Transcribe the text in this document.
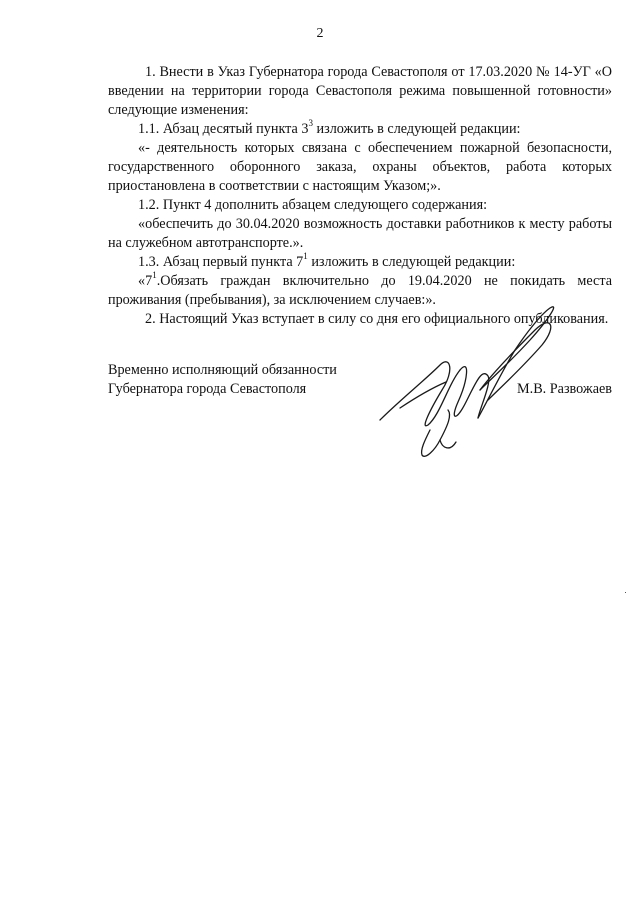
2

1. Внести в Указ Губернатора города Севастополя от 17.03.2020 № 14-УГ «О введении на территории города Севастополя режима повышенной готовности» следующие изменения:

1.1. Абзац десятый пункта $3^3$ изложить в следующей редакции:

«- деятельность которых связана с обеспечением пожарной безопасности, государственного оборонного заказа, охраны объектов, работа которых приостановлена в соответствии с настоящим Указом;».

1.2. Пункт 4 дополнить абзацем следующего содержания:

«обеспечить до 30.04.2020 возможность доставки работников к месту работы на служебном автотранспорте.».

1.3. Абзац первый пункта $7^1$ изложить в следующей редакции:

«$7^1.Обязать$ граждан включительно до 19.04.2020 не покидать места проживания (пребывания), за исключением случаев:».

2. Настоящий Указ вступает в силу со дня его официального опубликования.

Временно исполняющий обязанности
Губернатора города Севастополя	М.В. Развожаев
